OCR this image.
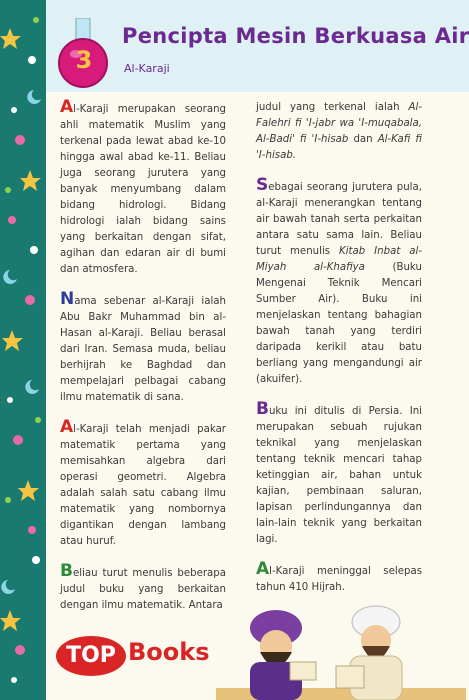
3
Pencipta Mesin Berkuasa Air
Al-Karaji

Al-Karaji merupakan seorang ahli matematik Muslim yang terkenal pada lewat abad ke-10 hingga awal abad ke-11. Beliau juga seorang jurutera yang banyak menyumbang dalam bidang hidrologi. Bidang hidrologi ialah bidang sains yang berkaitan dengan sifat, agihan dan edaran air di bumi dan atmosfera.

Nama sebenar al-Karaji ialah Abu Bakr Muhammad bin al-Hasan al-Karaji. Beliau berasal dari Iran. Semasa muda, beliau berhijrah ke Baghdad dan mempelajari pelbagai cabang ilmu matematik di sana.

Al-Karaji telah menjadi pakar matematik pertama yang memisahkan algebra dari operasi geometri. Algebra adalah salah satu cabang ilmu matematik yang nombornya digantikan dengan lambang atau huruf.

Beliau turut menulis beberapa judul buku yang berkaitan dengan ilmu matematik. Antara

judul yang terkenal ialah Al-Falehri fi 'I-jabr wa 'I-muqabala, Al-Badi' fi 'I-hisab dan Al-Kafi fi 'I-hisab.

Sebagai seorang jurutera pula, al-Karaji menerangkan tentang air bawah tanah serta perkaitan antara satu sama lain. Beliau turut menulis Kitab Inbat al-Miyah al-Khafiya	(Buku Mengenai Teknik Mencari Sumber Air). Buku ini menjelaskan tentang bahagian bawah tanah yang terdiri daripada kerikil atau batu berliang yang mengandungi air (akuifer).

Buku ini ditulis di Persia. Ini merupakan sebuah rujukan teknikal yang menjelaskan tentang teknik mencari tahap ketinggian air, bahan untuk kajian, pembinaan saluran, lapisan perlindungannya dan lain-lain teknik yang berkaitan lagi.

Al-Karaji meninggal selepas tahun 410 Hijrah.

TOP Books
